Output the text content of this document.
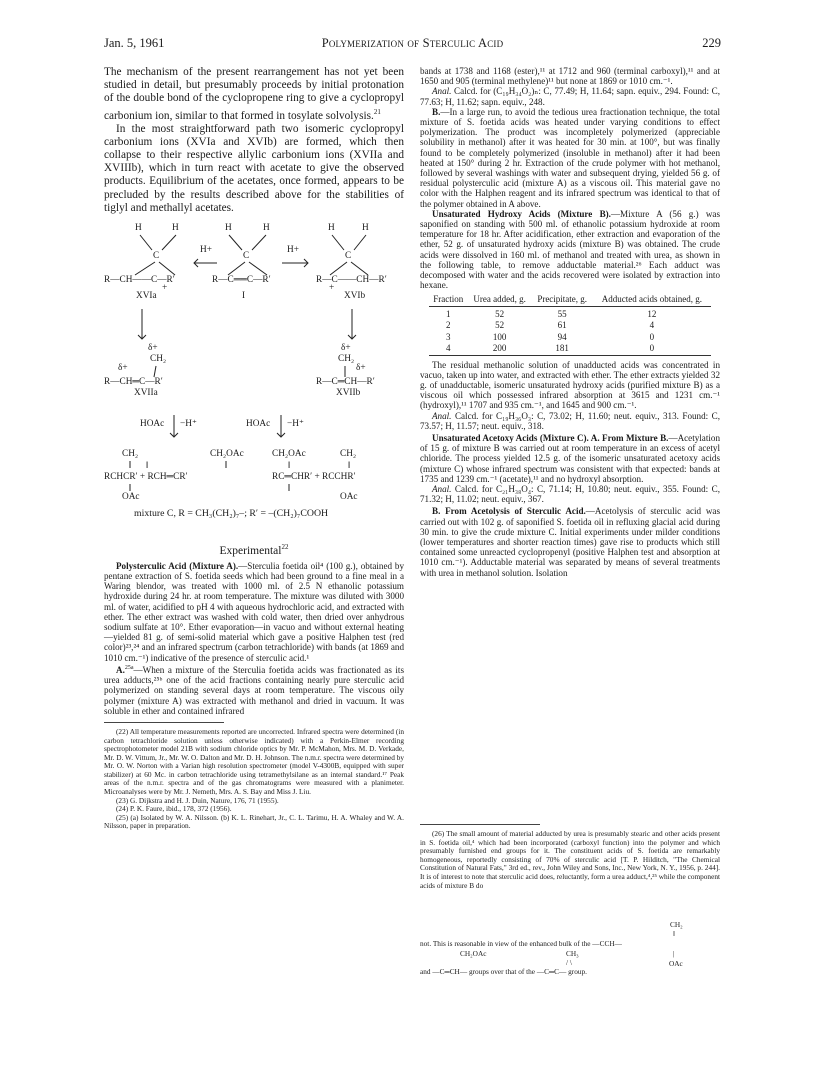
Jan. 5, 1961	Polymerization of Sterculic Acid	229

The mechanism of the present rearrangement has not yet been studied in detail, but presumably proceeds by initial protonation of the double bond of the cyclopropene ring to give a cyclopropyl carbonium ion, similar to that formed in tosylate solvolysis.$^{21}$

In the most straightforward path two isomeric cyclopropyl carbonium ions (XVIa and XVIb) are formed, which then collapse to their respective allylic carbonium ions (XVIIa and XVIIIb), which in turn react with acetate to give the observed products. Equilibrium of the acetates, once formed, appears to be precluded by the results described above for the stabilities of tiglyl and methallyl acetates.

H	H	H	H	H	H
H+	H+
C	C	C
R—CH——C—R′
+
R—C══C—R′	R—C——CH—R′
+
XVIa	I	XVIb
δ+
CH₂
δ+
R—CH⁠═C—R′
XVIIa
δ+
CH₂
δ+
R—C⁠═CH—R′
XVIIb
HOAc −H⁺	HOAc −H⁺
CH₂	CH₂OAc	CH₂OAc	CH₂
‖	‖	‖
RCHCR′ + RCH═CR′	RC═CHR′ + RCCHR′
OAc	OAc
mixture C, R = CH₃(CH₂)₇–; R′ = –(CH₂)₇COOH
Experimental$^{22}$

Polysterculic Acid (Mixture A).—Sterculia foetida oil⁴ (100 g.), obtained by pentane extraction of S. foetida seeds which had been ground to a fine meal in a Waring blendor, was treated with 1000 ml. of 2.5 N ethanolic potassium hydroxide during 24 hr. at room temperature. The mixture was diluted with 3000 ml. of water, acidified to pH 4 with aqueous hydrochloric acid, and extracted with ether. The ether extract was washed with cold water, then dried over anhydrous sodium sulfate at 10°. Ether evaporation—in vacuo and without external heating—yielded 81 g. of semi-solid material which gave a positive Halphen test (red color)²³,²⁴ and an infrared spectrum (carbon tetrachloride) with bands (at 1869 and 1010 cm.⁻¹) indicative of the presence of sterculic acid.¹

A.$^{25a}$—When a mixture of the Sterculia foetida acids was fractionated as its urea adducts,²⁵ᵇ one of the acid fractions containing nearly pure sterculic acid polymerized on standing several days at room temperature. The viscous oily polymer (mixture A) was extracted with methanol and dried in vacuum. It was soluble in ether and contained infrared

(22) All temperature measurements reported are uncorrected. Infrared spectra were determined (in carbon tetrachloride solution unless otherwise indicated) with a Perkin-Elmer recording spectrophotometer model 21B with sodium chloride optics by Mr. P. McMahon, Mrs. M. D. Verkade, Mr. D. W. Vittum, Jr., Mr. W. O. Dalton and Mr. D. H. Johnson. The n.m.r. spectra were determined by Mr. O. W. Norton with a Varian high resolution spectrometer (model V-4300B, equipped with super stabilizer) at 60 Mc. in carbon tetrachloride using tetramethylsilane as an internal standard.¹⁷ Peak areas of the n.m.r. spectra and of the gas chromatograms were measured with a planimeter. Microanalyses were by Mr. J. Nemeth, Mrs. A. S. Bay and Miss J. Liu.

(23) G. Dijkstra and H. J. Duin, Nature, 176, 71 (1955).

(24) P. K. Faure, ibid., 178, 372 (1956).

(25) (a) Isolated by W. A. Nilsson. (b) K. L. Rinehart, Jr., C. L. Tarimu, H. A. Whaley and W. A. Nilsson, paper in preparation.

bands at 1738 and 1168 (ester),¹¹ at 1712 and 960 (terminal carboxyl),¹¹ and at 1650 and 905 (terminal methylene)¹¹ but none at 1869 or 1010 cm.⁻¹.

Anal. Calcd. for (C₁₉H₃₄O₂)ₙ: C, 77.49; H, 11.64; sapn. equiv., 294. Found: C, 77.63; H, 11.62; sapn. equiv., 248.

B.—In a large run, to avoid the tedious urea fractionation technique, the total mixture of S. foetida acids was heated under varying conditions to effect polymerization. The product was incompletely polymerized (appreciable solubility in methanol) after it was heated for 30 min. at 100°, but was finally found to be completely polymerized (insoluble in methanol) after it had been heated at 150° during 2 hr. Extraction of the crude polymer with hot methanol, followed by several washings with water and subsequent drying, yielded 56 g. of residual polysterculic acid (mixture A) as a viscous oil. This material gave no color with the Halphen reagent and its infrared spectrum was identical to that of the polymer obtained in A above.

Unsaturated Hydroxy Acids (Mixture B).—Mixture A (56 g.) was saponified on standing with 500 ml. of ethanolic potassium hydroxide at room temperature for 18 hr. After acidification, ether extraction and evaporation of the ether, 52 g. of unsaturated hydroxy acids (mixture B) was obtained. The crude acids were dissolved in 160 ml. of methanol and treated with urea, as shown in the following table, to remove adductable material.²⁶ Each adduct was decomposed with water and the acids recovered were isolated by extraction into hexane.

Fraction	Urea added, g.	Precipitate, g.	Adducted acids obtained, g.
1	52	55	12
2	52	61	4
3	100	94	0
4	200	181	0

The residual methanolic solution of unadducted acids was concentrated in vacuo, taken up into water, and extracted with ether. The ether extracts yielded 32 g. of unadductable, isomeric unsaturated hydroxy acids (purified mixture B) as a viscous oil which possessed infrared absorption at 3615 and 1231 cm.⁻¹ (hydroxyl),¹¹ 1707 and 935 cm.⁻¹, and 1645 and 900 cm.⁻¹.

Anal. Calcd. for C₁₉H₃₆O₃: C, 73.02; H, 11.60; neut. equiv., 313. Found: C, 73.57; H, 11.57; neut. equiv., 318.

Unsaturated Acetoxy Acids (Mixture C). A. From Mixture B.—Acetylation of 15 g. of mixture B was carried out at room temperature in an excess of acetyl chloride. The process yielded 12.5 g. of the isomeric unsaturated acetoxy acids (mixture C) whose infrared spectrum was consistent with that expected: bands at 1735 and 1239 cm.⁻¹ (acetate),¹¹ and no hydroxyl absorption.

Anal. Calcd. for C₂₁H₃₈O₄: C, 71.14; H, 10.80; neut. equiv., 355. Found: C, 71.32; H, 11.02; neut. equiv., 367.

B. From Acetolysis of Sterculic Acid.—Acetolysis of sterculic acid was carried out with 102 g. of saponified S. foetida oil in refluxing glacial acid during 30 min. to give the crude mixture C. Initial experiments under milder conditions (lower temperatures and shorter reaction times) gave rise to products which still contained some unreacted cyclopropenyl (positive Halphen test and absorption at 1010 cm.⁻¹). Adductable material was separated by means of several treatments with urea in methanol solution. Isolation

(26) The small amount of material adducted by urea is presumably stearic and other acids present in S. foetida oil,⁴ which had been incorporated (carboxyl function) into the polymer and which presumably furnished end groups for it. The constituent acids of S. foetida are remarkably homogeneous, reportedly consisting of 70% of sterculic acid [T. P. Hilditch, "The Chemical Constitution of Natural Fats," 3rd ed., rev., John Wiley and Sons, Inc., New York, N. Y., 1956, p. 244]. It is of interest to note that sterculic acid does, reluctantly, form a urea adduct,⁴,²⁵ while the component acids of mixture B do

CH₂
‖
not. This is reasonable in view of the enhanced bulk of the —CCH—
CH₂OAc	CH₃	|
/ \	OAc
and —C═CH— groups over that of the —C═C— group.
